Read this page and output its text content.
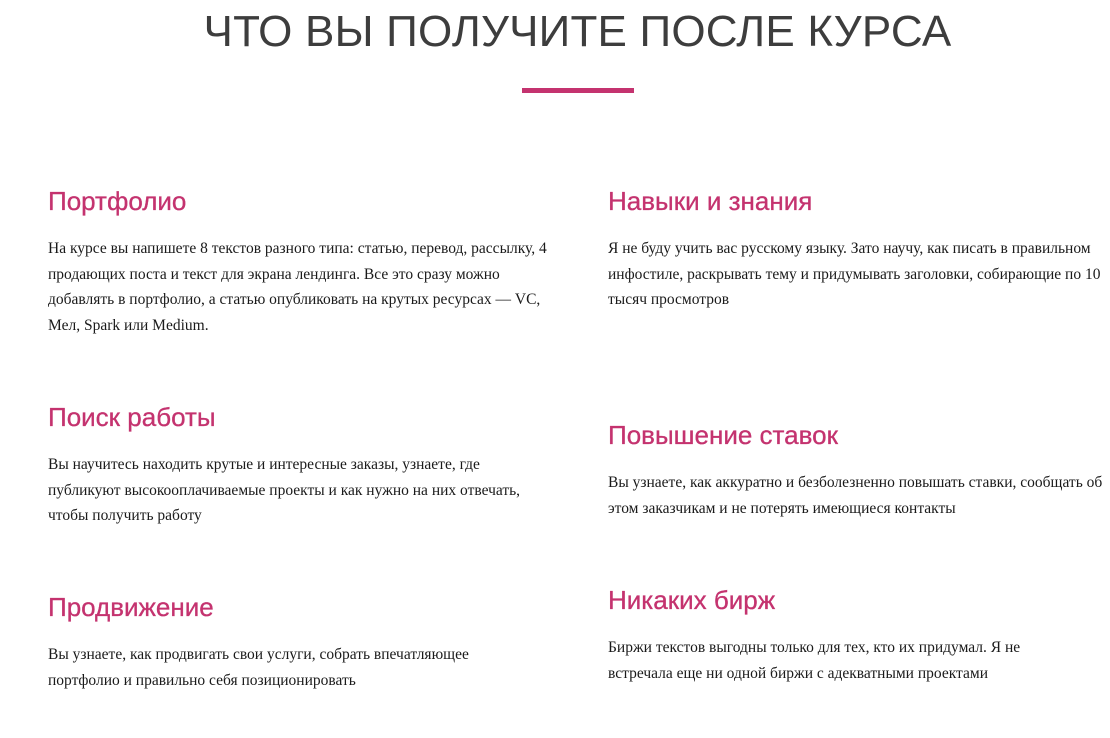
ЧТО ВЫ ПОЛУЧИТЕ ПОСЛЕ КУРСА
Портфолио

На курсе вы напишете 8 текстов разного типа: статью, перевод, рассылку, 4 продающих поста и текст для экрана лендинга. Все это сразу можно добавлять в портфолио, а статью опубликовать на крутых ресурсах — VC, Мел, Spark или Medium.

Навыки и знания

Я не буду учить вас русскому языку. Зато научу, как писать в правильном инфостиле, раскрывать тему и придумывать заголовки, собирающие по 10 тысяч просмотров

Поиск работы

Вы научитесь находить крутые и интересные заказы, узнаете, где публикуют высокооплачиваемые проекты и как нужно на них отвечать, чтобы получить работу

Повышение ставок

Вы узнаете, как аккуратно и безболезненно повышать ставки, сообщать об этом заказчикам и не потерять имеющиеся контакты

Продвижение

Вы узнаете, как продвигать свои услуги, собрать впечатляющее портфолио и правильно себя позиционировать

Никаких бирж

Биржи текстов выгодны только для тех, кто их придумал. Я не встречала еще ни одной биржи с адекватными проектами
